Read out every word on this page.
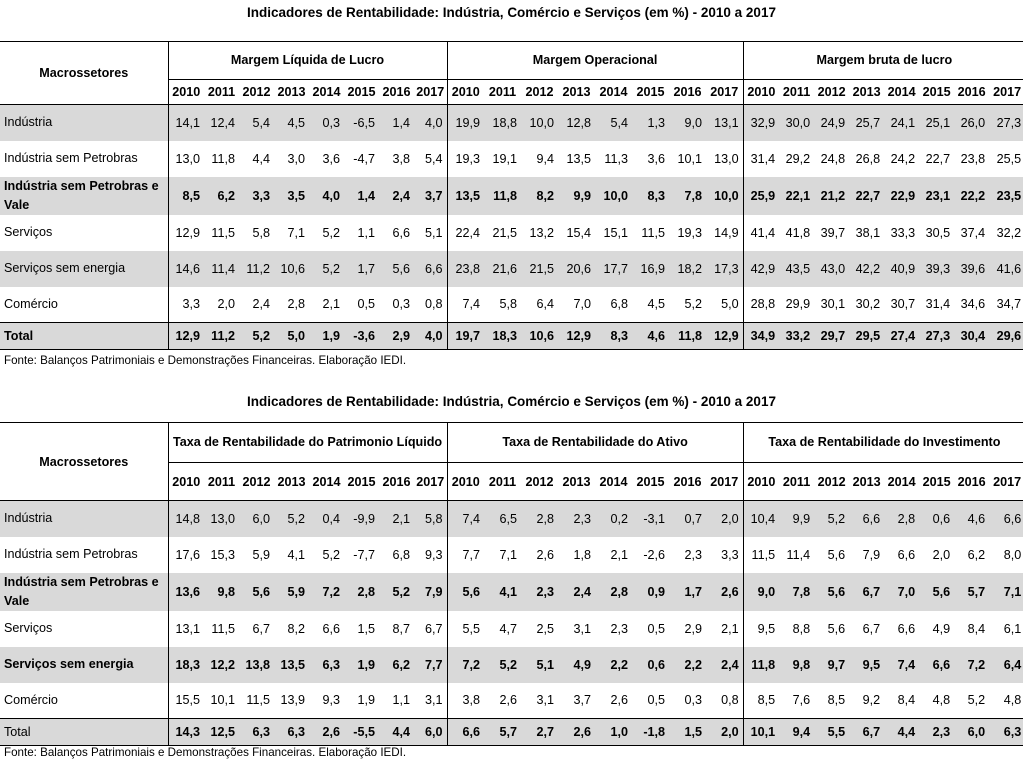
Indicadores de Rentabilidade: Indústria, Comércio e Serviços (em %) - 2010 a 2017
Macrossetores	Margem Líquida de Lucro								Margem Operacional								Margem bruta de lucro							
	2010	2011	2012	2013	2014	2015	2016	2017	2010	2011	2012	2013	2014	2015	2016	2017	2010	2011	2012	2013	2014	2015	2016	2017
Indústria	14,1	12,4	5,4	4,5	0,3	-6,5	1,4	4,0	19,9	18,8	10,0	12,8	5,4	1,3	9,0	13,1	32,9	30,0	24,9	25,7	24,1	25,1	26,0	27,3
Indústria sem Petrobras	13,0	11,8	4,4	3,0	3,6	-4,7	3,8	5,4	19,3	19,1	9,4	13,5	11,3	3,6	10,1	13,0	31,4	29,2	24,8	26,8	24,2	22,7	23,8	25,5
Indústria sem Petrobras e Vale	8,5	6,2	3,3	3,5	4,0	1,4	2,4	3,7	13,5	11,8	8,2	9,9	10,0	8,3	7,8	10,0	25,9	22,1	21,2	22,7	22,9	23,1	22,2	23,5
Serviços	12,9	11,5	5,8	7,1	5,2	1,1	6,6	5,1	22,4	21,5	13,2	15,4	15,1	11,5	19,3	14,9	41,4	41,8	39,7	38,1	33,3	30,5	37,4	32,2
Serviços sem energia	14,6	11,4	11,2	10,6	5,2	1,7	5,6	6,6	23,8	21,6	21,5	20,6	17,7	16,9	18,2	17,3	42,9	43,5	43,0	42,2	40,9	39,3	39,6	41,6
Comércio	3,3	2,0	2,4	2,8	2,1	0,5	0,3	0,8	7,4	5,8	6,4	7,0	6,8	4,5	5,2	5,0	28,8	29,9	30,1	30,2	30,7	31,4	34,6	34,7
Total	12,9	11,2	5,2	5,0	1,9	-3,6	2,9	4,0	19,7	18,3	10,6	12,9	8,3	4,6	11,8	12,9	34,9	33,2	29,7	29,5	27,4	27,3	30,4	29,6
Fonte: Balanços Patrimoniais e Demonstrações Financeiras. Elaboração IEDI.
Indicadores de Rentabilidade: Indústria, Comércio e Serviços (em %) - 2010 a 2017
Macrossetores	Taxa de Rentabilidade do Patrimonio Líquido								Taxa de Rentabilidade do Ativo								Taxa de Rentabilidade do Investimento							
	2010	2011	2012	2013	2014	2015	2016	2017	2010	2011	2012	2013	2014	2015	2016	2017	2010	2011	2012	2013	2014	2015	2016	2017
Indústria	14,8	13,0	6,0	5,2	0,4	-9,9	2,1	5,8	7,4	6,5	2,8	2,3	0,2	-3,1	0,7	2,0	10,4	9,9	5,2	6,6	2,8	0,6	4,6	6,6
Indústria sem Petrobras	17,6	15,3	5,9	4,1	5,2	-7,7	6,8	9,3	7,7	7,1	2,6	1,8	2,1	-2,6	2,3	3,3	11,5	11,4	5,6	7,9	6,6	2,0	6,2	8,0
Indústria sem Petrobras e Vale	13,6	9,8	5,6	5,9	7,2	2,8	5,2	7,9	5,6	4,1	2,3	2,4	2,8	0,9	1,7	2,6	9,0	7,8	5,6	6,7	7,0	5,6	5,7	7,1
Serviços	13,1	11,5	6,7	8,2	6,6	1,5	8,7	6,7	5,5	4,7	2,5	3,1	2,3	0,5	2,9	2,1	9,5	8,8	5,6	6,7	6,6	4,9	8,4	6,1
Serviços sem energia	18,3	12,2	13,8	13,5	6,3	1,9	6,2	7,7	7,2	5,2	5,1	4,9	2,2	0,6	2,2	2,4	11,8	9,8	9,7	9,5	7,4	6,6	7,2	6,4
Comércio	15,5	10,1	11,5	13,9	9,3	1,9	1,1	3,1	3,8	2,6	3,1	3,7	2,6	0,5	0,3	0,8	8,5	7,6	8,5	9,2	8,4	4,8	5,2	4,8
Total	14,3	12,5	6,3	6,3	2,6	-5,5	4,4	6,0	6,6	5,7	2,7	2,6	1,0	-1,8	1,5	2,0	10,1	9,4	5,5	6,7	4,4	2,3	6,0	6,3
Fonte: Balanços Patrimoniais e Demonstrações Financeiras. Elaboração IEDI.
